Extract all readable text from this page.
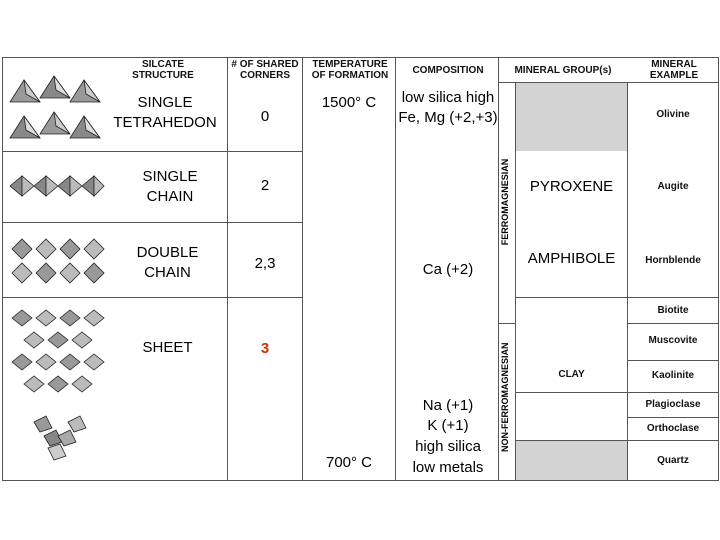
SILCATE STRUCTURE
# OF SHARED CORNERS
TEMPERATURE OF FORMATION	COMPOSITION	MINERAL GROUP(s)
MINERAL EXAMPLE
SINGLE TETRAHEDON
SINGLE CHAIN
DOUBLE CHAIN
SHEET
0
2
2,3
3
1500° C
700° C
low silica high Fe, Mg (+2,+3)
Ca (+2)
Na (+1)
K (+1)
high silica
low metals
FERROMAGNESIAN
NON-FERROMAGNESIAN
PYROXENE
AMPHIBOLE
CLAY
Olivine
Augite
Hornblende
Biotite
Muscovite
Kaolinite
Plagioclase
Orthoclase
Quartz
